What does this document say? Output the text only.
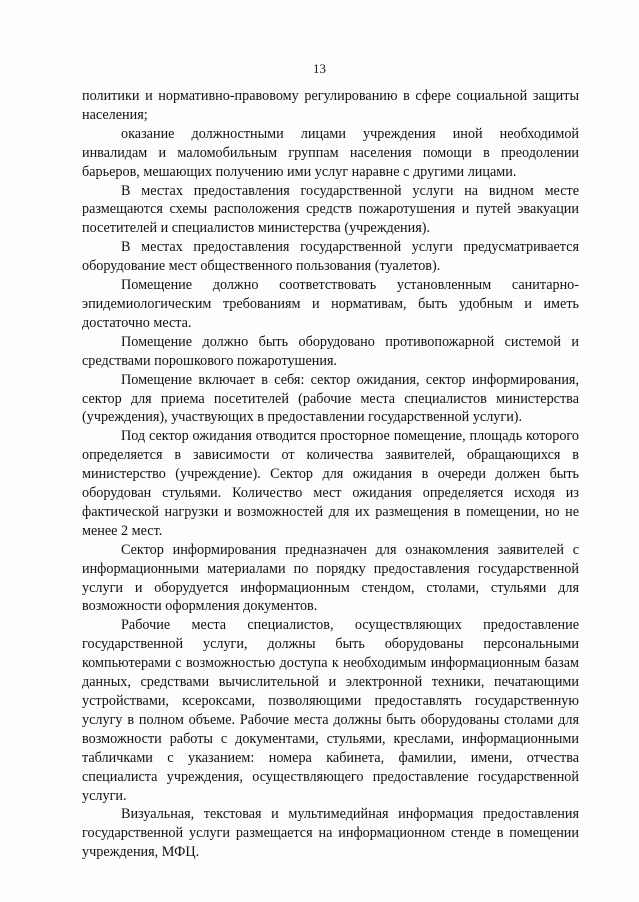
13

политики и нормативно-правовому регулированию в сфере социальной защиты населения;

оказание должностными лицами учреждения иной необходимой инвалидам и маломобильным группам населения помощи в преодолении барьеров, мешающих получению ими услуг наравне с другими лицами.

В местах предоставления государственной услуги на видном месте размещаются схемы расположения средств пожаротушения и путей эвакуации посетителей и специалистов министерства (учреждения).

В местах предоставления государственной услуги предусматривается оборудование мест общественного пользования (туалетов).

Помещение должно соответствовать установленным санитарно-эпидемиологическим требованиям и нормативам, быть удобным и иметь достаточно места.

Помещение должно быть оборудовано противопожарной системой и средствами порошкового пожаротушения.

Помещение включает в себя: сектор ожидания, сектор информирования, сектор для приема посетителей (рабочие места специалистов министерства (учреждения), участвующих в предоставлении государственной услуги).

Под сектор ожидания отводится просторное помещение, площадь которого определяется в зависимости от количества заявителей, обращающихся в министерство (учреждение). Сектор для ожидания в очереди должен быть оборудован стульями. Количество мест ожидания определяется исходя из фактической нагрузки и возможностей для их размещения в помещении, но не менее 2 мест.

Сектор информирования предназначен для ознакомления заявителей с информационными материалами по порядку предоставления государственной услуги и оборудуется информационным стендом, столами, стульями для возможности оформления документов.

Рабочие места специалистов, осуществляющих предоставление государственной услуги, должны быть оборудованы персональными компьютерами с возможностью доступа к необходимым информационным базам данных, средствами вычислительной и электронной техники, печатающими устройствами, ксероксами, позволяющими предоставлять государственную услугу в полном объеме. Рабочие места должны быть оборудованы столами для возможности работы с документами, стульями, креслами, информационными табличками с указанием: номера кабинета, фамилии, имени, отчества специалиста учреждения, осуществляющего предоставление государственной услуги.

Визуальная, текстовая и мультимедийная информация предоставления государственной услуги размещается на информационном стенде в помещении учреждения, МФЦ.
